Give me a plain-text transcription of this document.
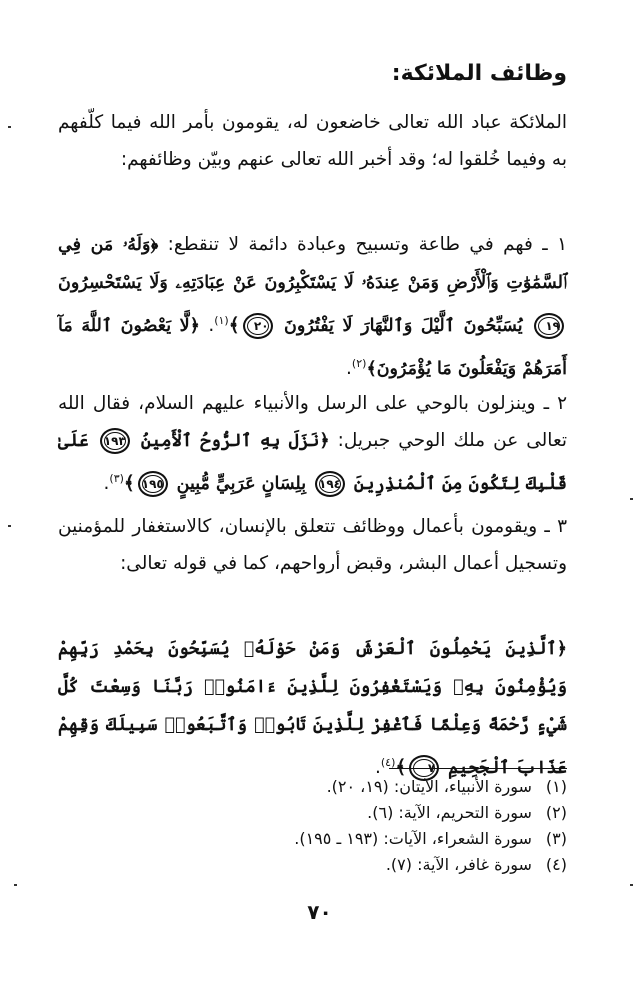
وظائف الملائكة:
الملائكة عباد الله تعالى خاضعون له، يقومون بأمر الله فيما كلّفهم به وفيما خُلقوا له؛ وقد أخبر الله تعالى عنهم وبيّن وظائفهم:
١ ـ فهم في طاعة وتسبيح وعبادة دائمة لا تنقطع: ﴿وَلَهُۥ مَن فِي ٱلسَّمَٰوَٰتِ وَٱلْأَرْضِ وَمَنْ عِندَهُۥ لَا يَسْتَكْبِرُونَ عَنْ عِبَادَتِهِۦ وَلَا يَسْتَحْسِرُونَ ١٩ يُسَبِّحُونَ ٱلَّيْلَ وَٱلنَّهَارَ لَا يَفْتُرُونَ ٢٠﴾$^{(١)}$. ﴿لَّا يَعْصُونَ ٱللَّهَ مَآ أَمَرَهُمْ وَيَفْعَلُونَ مَا يُؤْمَرُونَ﴾$^{(٢)}$.
٢ ـ وينزلون بالوحي على الرسل والأنبياء عليهم السلام، فقال الله تعالى عن ملك الوحي جبريل: ﴿نَزَلَ بِهِ ٱلرُّوحُ ٱلْأَمِينُ ١٩٣ عَلَىٰ قَلْبِكَ لِتَكُونَ مِنَ ٱلْمُنذِرِينَ ١٩٤ بِلِسَانٍ عَرَبِيٍّ مُّبِينٍ ١٩٥﴾$^{(٣)}$.
٣ ـ ويقومون بأعمال ووظائف تتعلق بالإنسان، كالاستغفار للمؤمنين وتسجيل أعمال البشر، وقبض أرواحهم، كما في قوله تعالى:
﴿ٱلَّذِينَ يَحْمِلُونَ ٱلْعَرْشَ وَمَنْ حَوْلَهُۥ يُسَبِّحُونَ بِحَمْدِ رَبِّهِمْ وَيُؤْمِنُونَ بِهِۦ وَيَسْتَغْفِرُونَ لِلَّذِينَ ءَامَنُوا۟ رَبَّنَا وَسِعْتَ كُلَّ شَيْءٍ رَّحْمَةً وَعِلْمًا فَٱغْفِرْ لِلَّذِينَ تَابُوا۟ وَٱتَّبَعُوا۟ سَبِيلَكَ وَقِهِمْ عَذَابَ ٱلْجَحِيمِ ٧﴾$^{(٤)}$.
(١) سورة الأنبياء، الآيتان: (١٩، ٢٠).
(٢) سورة التحريم، الآية: (٦).
(٣) سورة الشعراء، الآيات: (١٩٣ ـ ١٩٥).
(٤) سورة غافر، الآية: (٧).
٧٠
